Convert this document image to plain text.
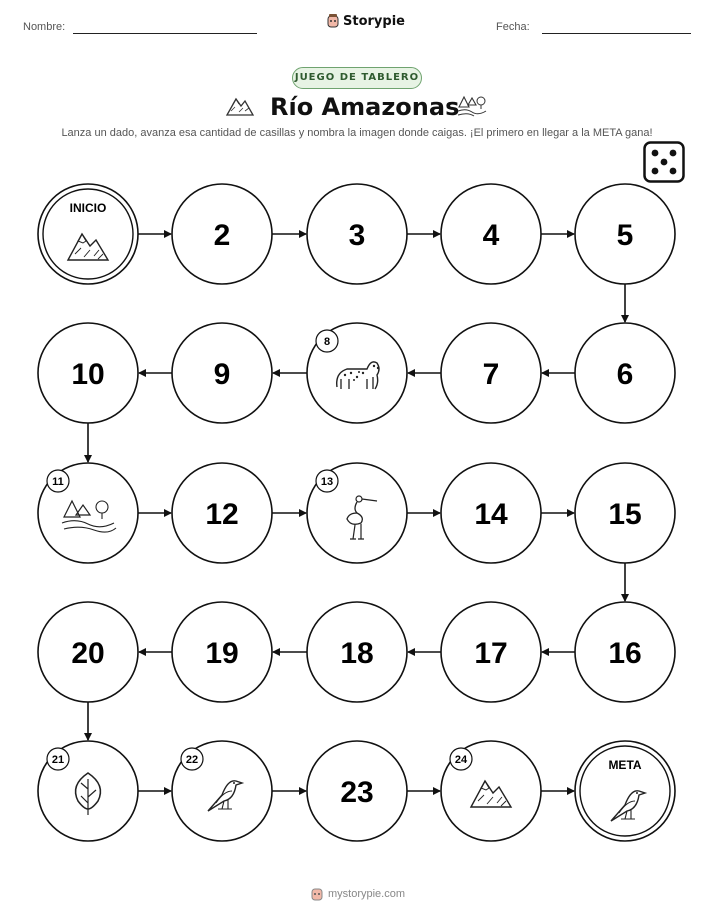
Nombre:	Storypie	Fecha:
JUEGO DE TABLERO
Río Amazonas
Lanza un dado, avanza esa cantidad de casillas y nombra la imagen donde caigas. ¡El primero en llegar a la META gana!
INICIO
2	3	4	5
6
7
8
9
10
11
12
13
14	15
16
17
18
19
20
21	22
23
24	META
mystorypie.com
